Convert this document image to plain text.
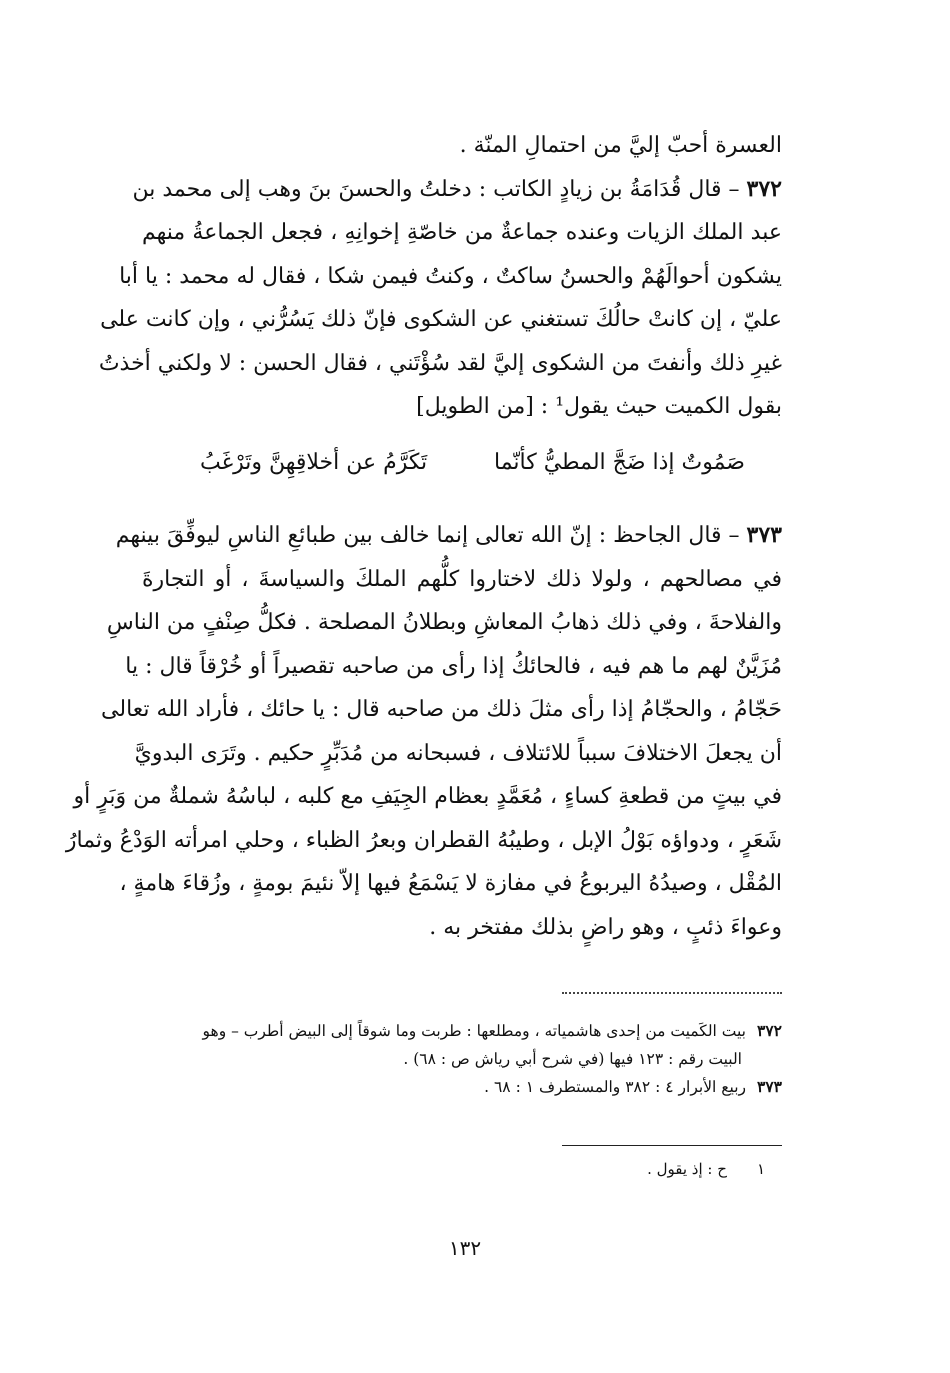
العسرة أحبّ إليَّ من احتمالِ المنّة .
٣٧٢ – قال قُدَامَةُ بن زيادٍ الكاتب : دخلتُ والحسنَ بنَ وهب إلى محمد بن
عبد الملك الزيات وعنده جماعةٌ من خاصّةِ إخوانِهِ ، فجعل الجماعةُ منهم
يشكون أحوالَهُمْ والحسنُ ساكتٌ ، وكنتُ فيمن شكا ، فقال له محمد : يا أبا
عليّ ، إن كانتْ حالُكَ تستغني عن الشكوى فإنّ ذلك يَسُرُّني ، وإن كانت على
غيرِ ذلك وأنفتَ من الشكوى إليَّ لقد سُؤْتَني ، فقال الحسن : لا ولكني أخذتُ
بقول الكميت حيث يقول¹ : [من الطويل]
صَمُوتٌ إذا ضَجَّ المطيُّ كأنّما
تَكَرَّمُ عن أخلاقِهِنَّ وتَرْغَبُ
٣٧٣ – قال الجاحظ : إنّ الله تعالى إنما خالف بين طبائعِ الناسِ ليوفِّقَ بينهم
في مصالحهم ، ولولا ذلك لاختاروا كلُّهم الملكَ والسياسةَ ، أو التجارةَ
والفلاحةَ ، وفي ذلك ذهابُ المعاشِ وبطلانُ المصلحة . فكلُّ صِنْفٍ من الناسِ
مُزَيَّنٌ لهم ما هم فيه ، فالحائكُ إذا رأى من صاحبه تقصيراً أو خُرْقاً قال : يا
حَجّامُ ، والحجّامُ إذا رأى مثلَ ذلك من صاحبه قال : يا حائك ، فأراد الله تعالى
أن يجعلَ الاختلافَ سبباً للائتلاف ، فسبحانه من مُدَبِّرٍ حكيم . وتَرَى البدويَّ
في بيتٍ من قطعةِ كساءٍ ، مُعَمَّدٍ بعظام الجِيَفِ مع كلبه ، لباسُهُ شملةٌ من وَبَرٍ أو
شَعَرٍ ، ودواؤه بَوْلُ الإبل ، وطيبُهُ القطران وبعرُ الظباء ، وحلي امرأته الوَدْعُ وثمارُ
المُقْل ، وصيدُهُ اليربوعُ في مفازة لا يَسْمَعُ فيها إلاّ نئيمَ بومةٍ ، وزُقاءَ هامةٍ ،
وعواءَ ذئبٍ ، وهو راضٍ بذلك مفتخر به .
٣٧٢بيت الكَميت من إحدى هاشمياته ، ومطلعها : طربت وما شوقاً إلى البيض أطرب – وهو
البيت رقم : ١٢٣ فيها (في شرح أبي رياش ص : ٦٨) .
٣٧٣ربيع الأبرار ٤ : ٣٨٢ والمستطرف ١ : ٦٨ .
١ح : إذ يقول .
١٣٢
